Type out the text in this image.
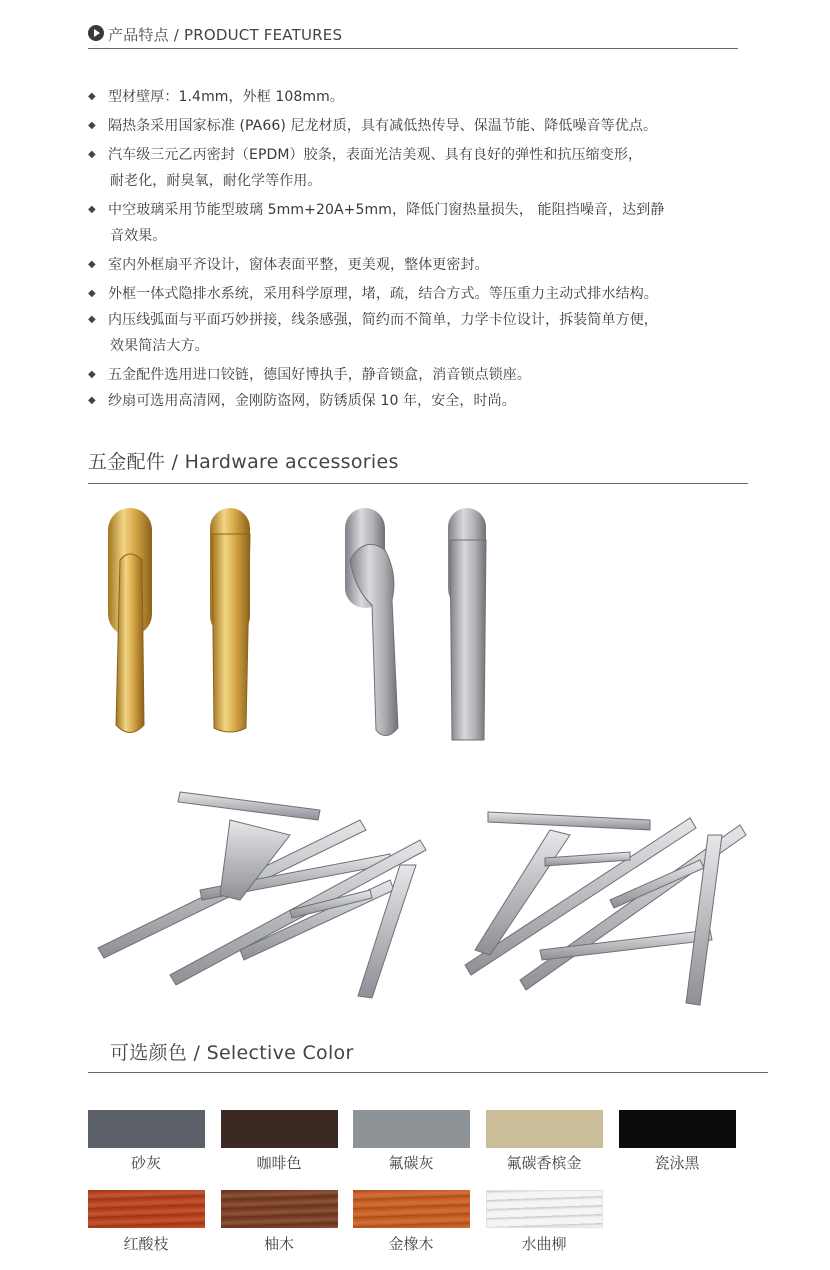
产品特点 / PRODUCT FEATURES
◆ 型材壁厚：1.4mm，外框 108mm。
◆ 隔热条采用国家标准 (PA66) 尼龙材质，具有减低热传导、保温节能、降低噪音等优点。
◆ 汽车级三元乙丙密封（EPDM）胶条，表面光洁美观、具有良好的弹性和抗压缩变形，
耐老化，耐臭氧，耐化学等作用。
◆ 中空玻璃采用节能型玻璃 5mm+20A+5mm，降低门窗热量损失， 能阻挡噪音，达到静
音效果。
◆ 室内外框扇平齐设计，窗体表面平整，更美观，整体更密封。
◆ 外框一体式隐排水系统，采用科学原理，堵，疏，结合方式。等压重力主动式排水结构。
◆ 内压线弧面与平面巧妙拼接，线条感强，简约而不简单，力学卡位设计，拆装简单方便，
效果简洁大方。
◆ 五金配件选用进口铰链，德国好博执手，静音锁盒，消音锁点锁座。
◆ 纱扇可选用高清网，金刚防盗网，防锈质保 10 年，安全，时尚。
五金配件 / Hardware accessories
可选颜色 / Selective Color
砂灰	咖啡色	氟碳灰	氟碳香槟金	瓷泳黑
红酸枝	柚木	金橡木	水曲柳
